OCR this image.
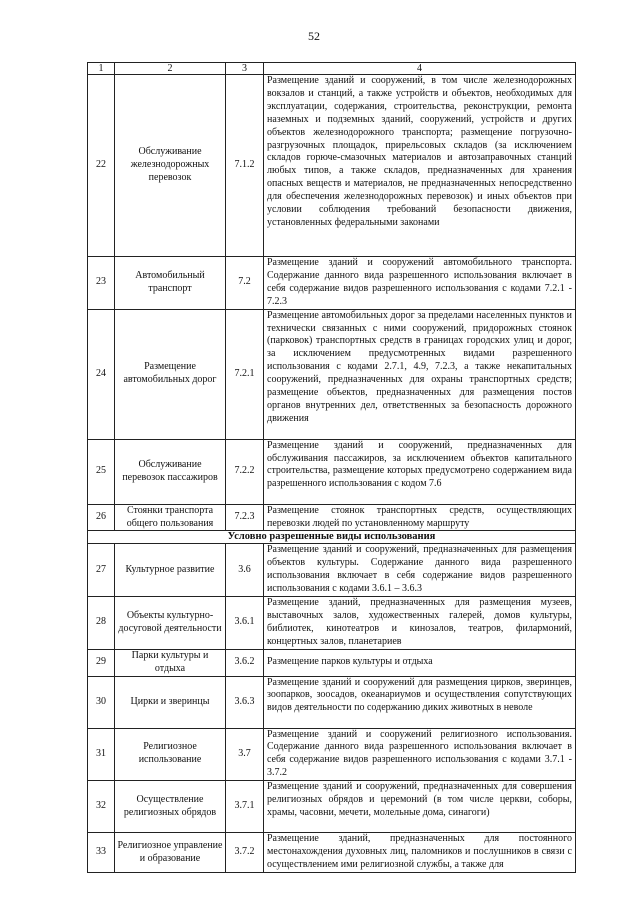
52
1	2	3	4
22	Обслуживание железнодорожных перевозок	7.1.2	Размещение зданий и сооружений, в том числе железнодорожных вокзалов и станций, а также устройств и объектов, необходимых для эксплуатации, содержания, строительства, реконструкции, ремонта наземных и подземных зданий, сооружений, устройств и других объектов железнодорожного транспорта; размещение погрузочно-разгрузочных площадок, прирельсовых складов (за исключением складов горюче-смазочных материалов и автозаправочных станций любых типов, а также складов, предназначенных для хранения опасных веществ и материалов, не предназначенных непосредственно для обеспечения железнодорожных перевозок) и иных объектов при условии соблюдения требований безопасности движения, установленных федеральными законами
23	Автомобильный транспорт	7.2	Размещение зданий и сооружений автомобильного транспорта. Содержание данного вида разрешенного использования включает в себя содержание видов разрешенного использования с кодами 7.2.1 - 7.2.3
24	Размещение автомобильных дорог	7.2.1	Размещение автомобильных дорог за пределами населенных пунктов и технически связанных с ними сооружений, придорожных стоянок (парковок) транспортных средств в границах городских улиц и дорог, за исключением предусмотренных видами разрешенного использования с кодами 2.7.1, 4.9, 7.2.3, а также некапитальных сооружений, предназначенных для охраны транспортных средств; размещение объектов, предназначенных для размещения постов органов внутренних дел, ответственных за безопасность дорожного движения
25	Обслуживание перевозок пассажиров	7.2.2	Размещение зданий и сооружений, предназначенных для обслуживания пассажиров, за исключением объектов капитального строительства, размещение которых предусмотрено содержанием вида разрешенного использования с кодом 7.6
26	Стоянки транспорта общего пользования	7.2.3	Размещение стоянок транспортных средств, осуществляющих перевозки людей по установленному маршруту
Условно разрешенные виды использования			
27	Культурное развитие	3.6	Размещение зданий и сооружений, предназначенных для размещения объектов культуры. Содержание данного вида разрешенного использования включает в себя содержание видов разрешенного использования с кодами 3.6.1 – 3.6.3
28	Объекты культурно-досуговой деятельности	3.6.1	Размещение зданий, предназначенных для размещения музеев, выставочных залов, художественных галерей, домов культуры, библиотек, кинотеатров и кинозалов, театров, филармоний, концертных залов, планетариев
29	Парки культуры и отдыха	3.6.2	Размещение парков культуры и отдыха
30	Цирки и зверинцы	3.6.3	Размещение зданий и сооружений для размещения цирков, зверинцев, зоопарков, зоосадов, океанариумов и осуществления сопутствующих видов деятельности по содержанию диких животных в неволе
31	Религиозное использование	3.7	Размещение зданий и сооружений религиозного использования. Содержание данного вида разрешенного использования включает в себя содержание видов разрешенного использования с кодами 3.7.1 - 3.7.2
32	Осуществление религиозных обрядов	3.7.1	Размещение зданий и сооружений, предназначенных для совершения религиозных обрядов и церемоний (в том числе церкви, соборы, храмы, часовни, мечети, молельные дома, синагоги)
33	Религиозное управление и образование	3.7.2	Размещение зданий, предназначенных для постоянного местонахождения духовных лиц, паломников и послушников в связи с осуществлением ими религиозной службы, а также для
